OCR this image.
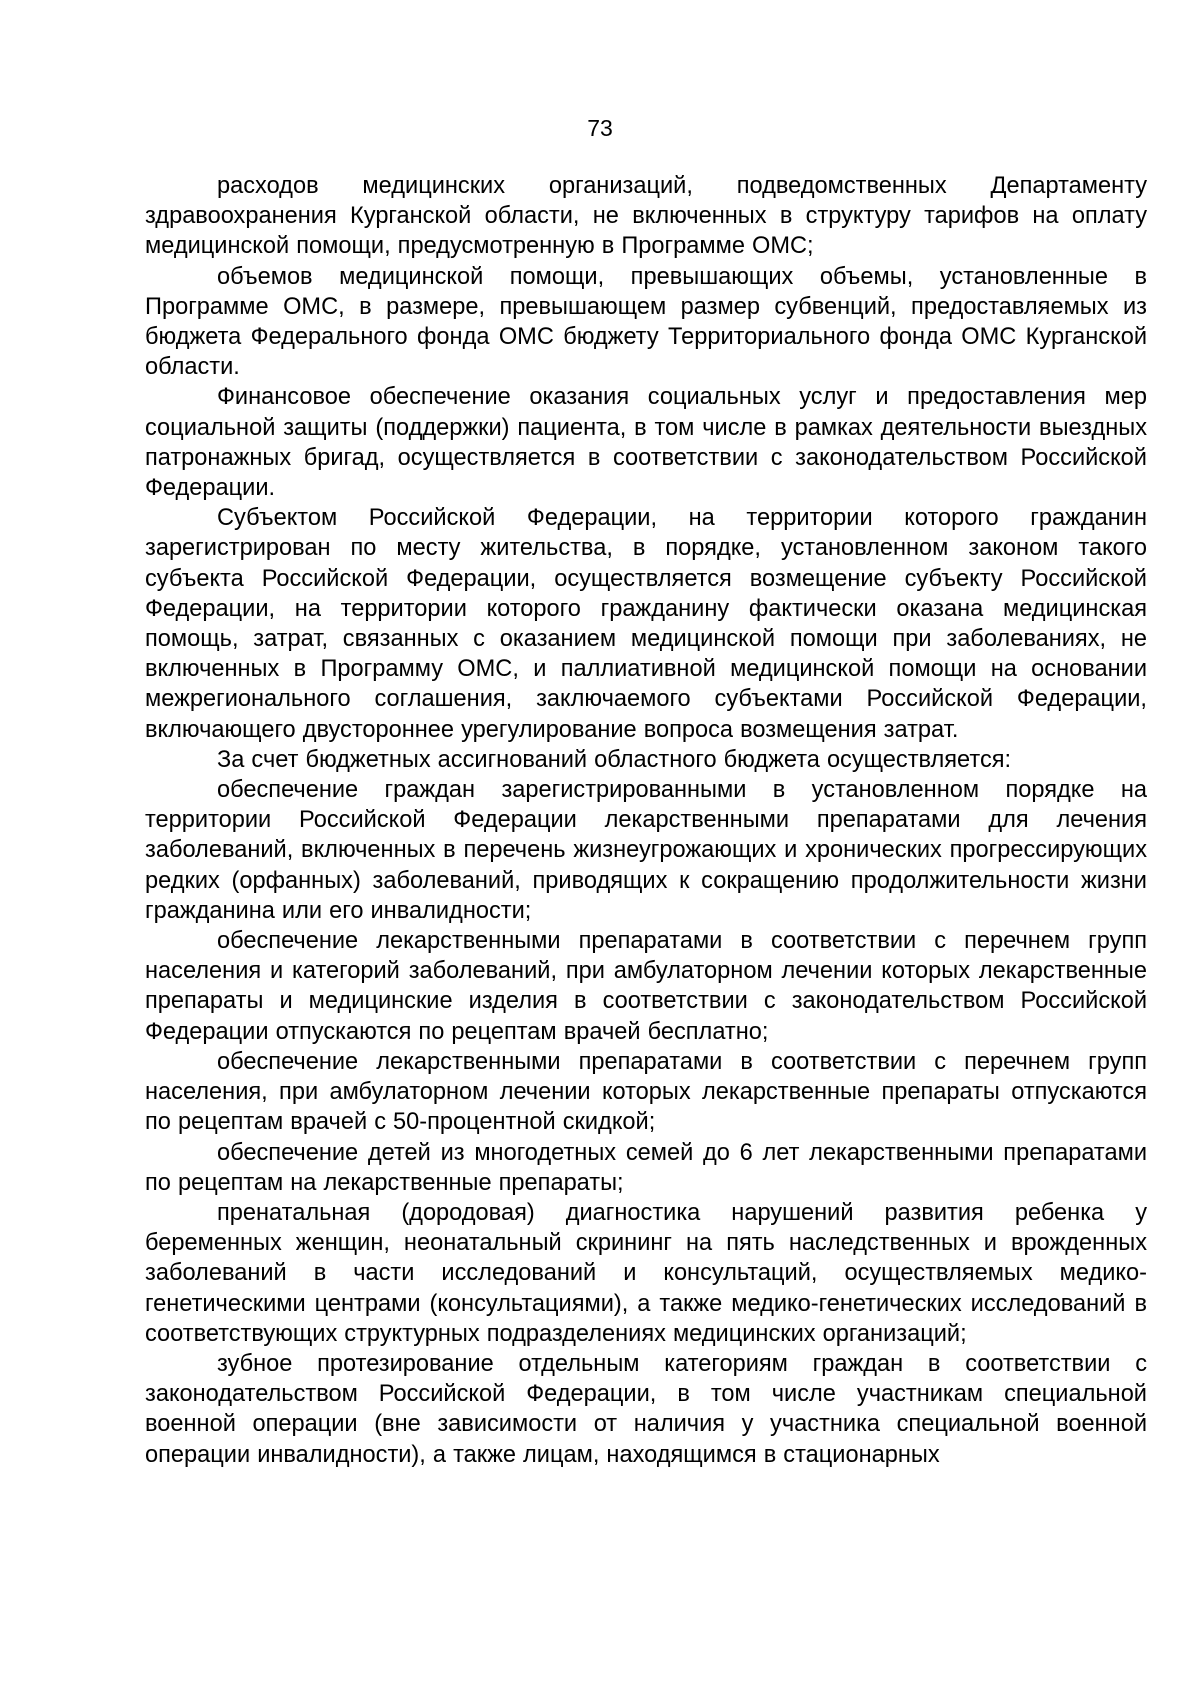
73

расходов медицинских организаций, подведомственных Департаменту здравоохранения Курганской области, не включенных в структуру тарифов на оплату медицинской помощи, предусмотренную в Программе ОМС;

объемов медицинской помощи, превышающих объемы, установленные в Программе ОМС, в размере, превышающем размер субвенций, предоставляемых из бюджета Федерального фонда ОМС бюджету Территориального фонда ОМС Курганской области.

Финансовое обеспечение оказания социальных услуг и предоставления мер социальной защиты (поддержки) пациента, в том числе в рамках деятельности выездных патронажных бригад, осуществляется в соответствии с законодательством Российской Федерации.

Субъектом Российской Федерации, на территории которого гражданин зарегистрирован по месту жительства, в порядке, установленном законом такого субъекта Российской Федерации, осуществляется возмещение субъекту Российской Федерации, на территории которого гражданину фактически оказана медицинская помощь, затрат, связанных с оказанием медицинской помощи при заболеваниях, не включенных в Программу ОМС, и паллиативной медицинской помощи на основании межрегионального соглашения, заключаемого субъектами Российской Федерации, включающего двустороннее урегулирование вопроса возмещения затрат.

За счет бюджетных ассигнований областного бюджета осуществляется:

обеспечение граждан зарегистрированными в установленном порядке на территории Российской Федерации лекарственными препаратами для лечения заболеваний, включенных в перечень жизнеугрожающих и хронических прогрессирующих редких (орфанных) заболеваний, приводящих к сокращению продолжительности жизни гражданина или его инвалидности;

обеспечение лекарственными препаратами в соответствии с перечнем групп населения и категорий заболеваний, при амбулаторном лечении которых лекарственные препараты и медицинские изделия в соответствии с законодательством Российской Федерации отпускаются по рецептам врачей бесплатно;

обеспечение лекарственными препаратами в соответствии с перечнем групп населения, при амбулаторном лечении которых лекарственные препараты отпускаются по рецептам врачей с 50-процентной скидкой;

обеспечение детей из многодетных семей до 6 лет лекарственными препаратами по рецептам на лекарственные препараты;

пренатальная (дородовая) диагностика нарушений развития ребенка у беременных женщин, неонатальный скрининг на пять наследственных и врожденных заболеваний в части исследований и консультаций, осуществляемых медико-генетическими центрами (консультациями), а также медико-генетических исследований в соответствующих структурных подразделениях медицинских организаций;

зубное протезирование отдельным категориям граждан в соответствии с законодательством Российской Федерации, в том числе участникам специальной военной операции (вне зависимости от наличия у участника специальной военной операции инвалидности), а также лицам, находящимся в стационарных
